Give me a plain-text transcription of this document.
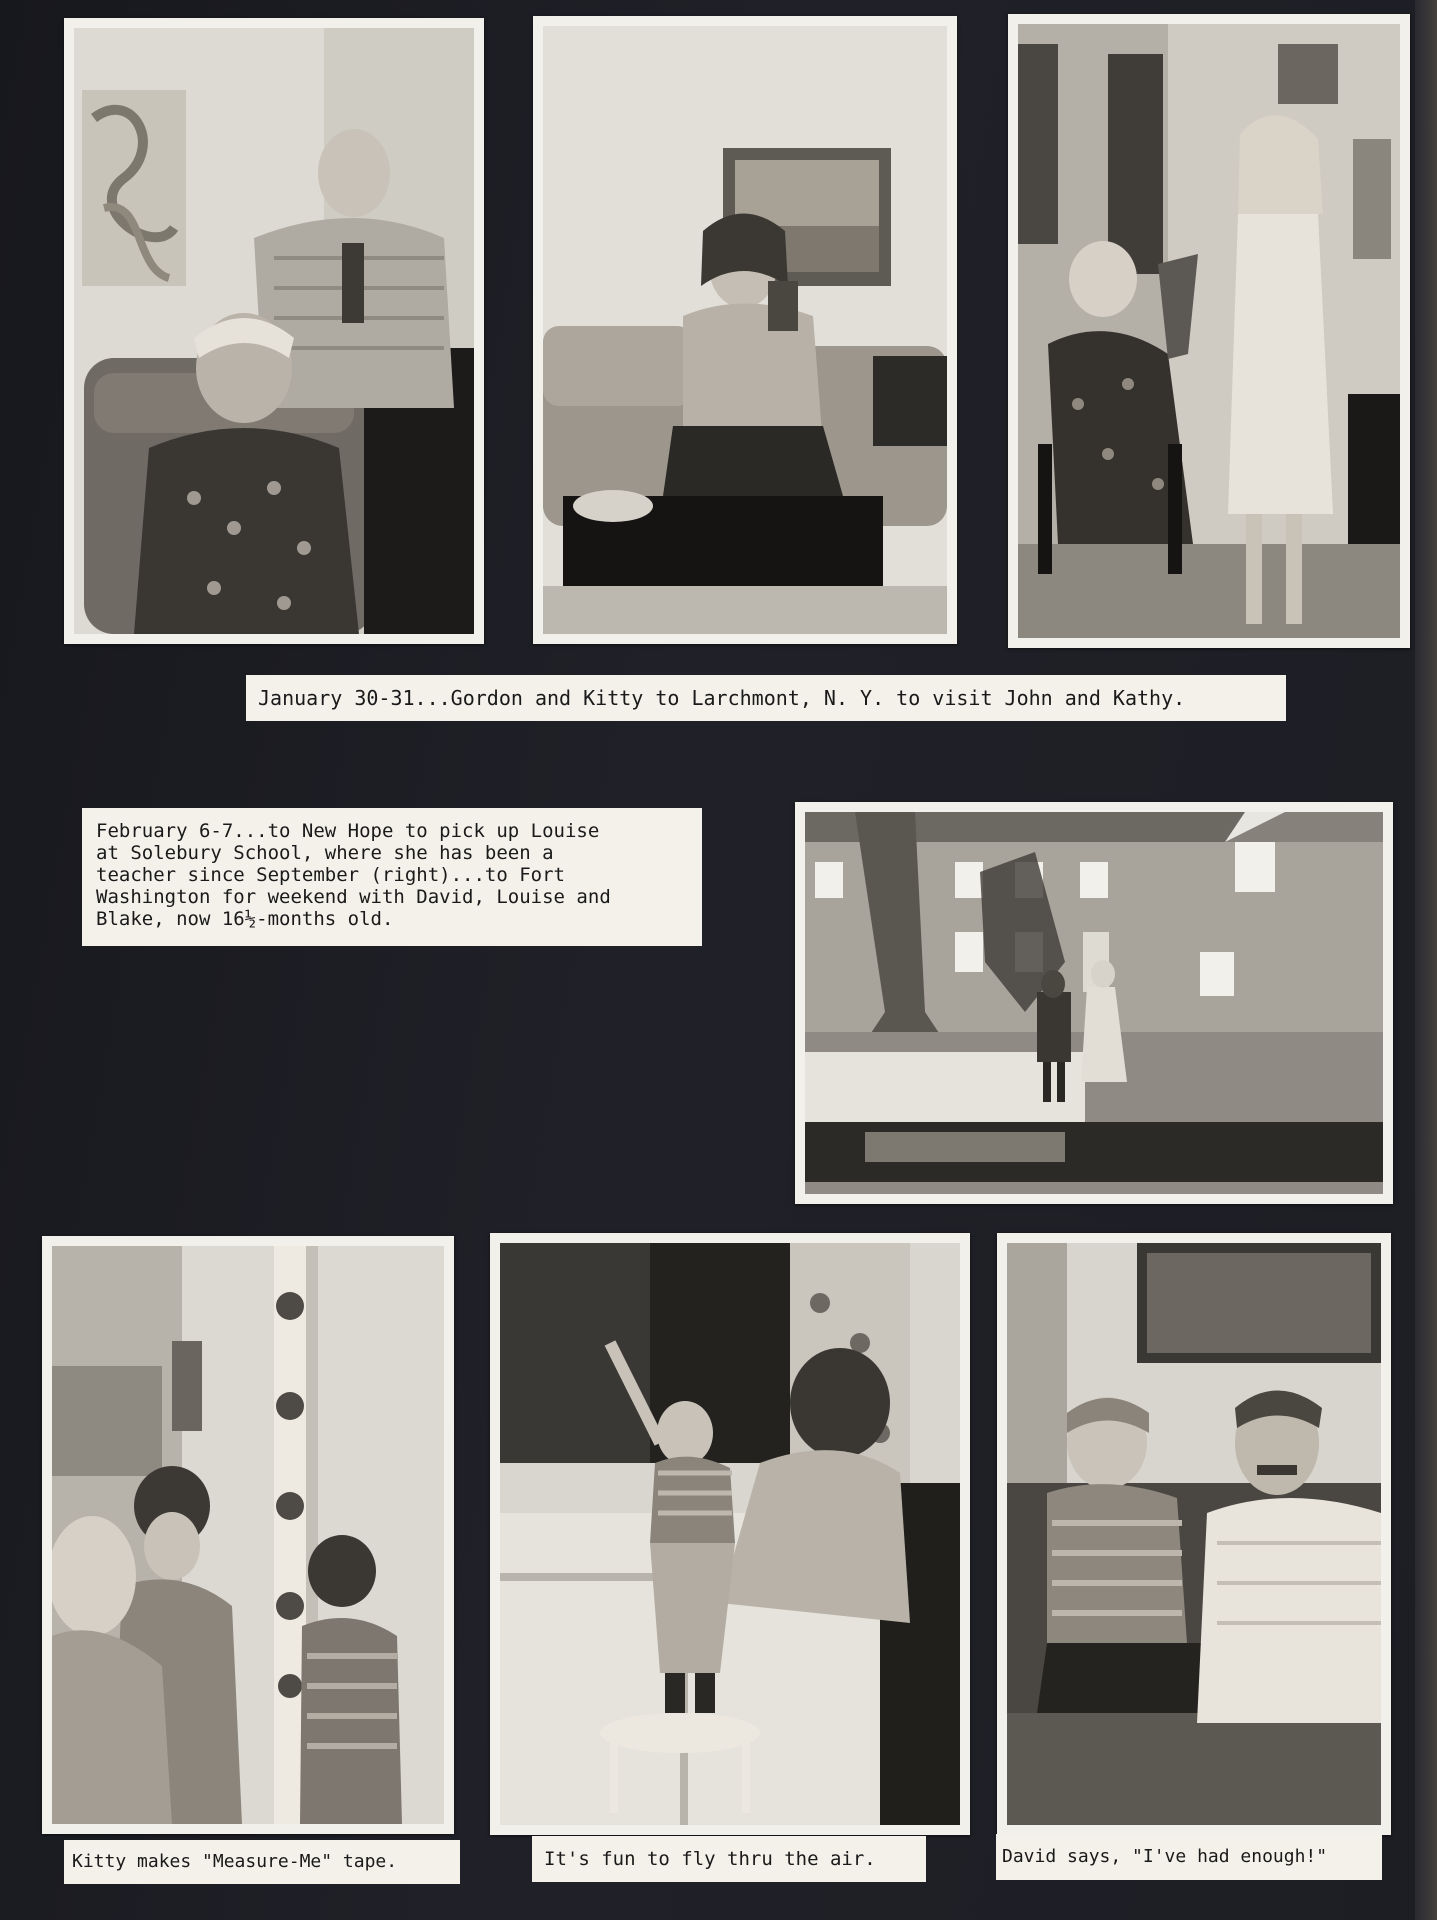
January 30-31...Gordon and Kitty to Larchmont, N. Y. to visit John and Kathy.
February 6-7...to New Hope to pick up Louise
at Solebury School, where she has been a
teacher since September (right)...to Fort
Washington for weekend with David, Louise and
Blake, now 16½-months old.
Kitty makes "Measure-Me" tape.	It's fun to fly thru the air.	David says, "I've had enough!"
